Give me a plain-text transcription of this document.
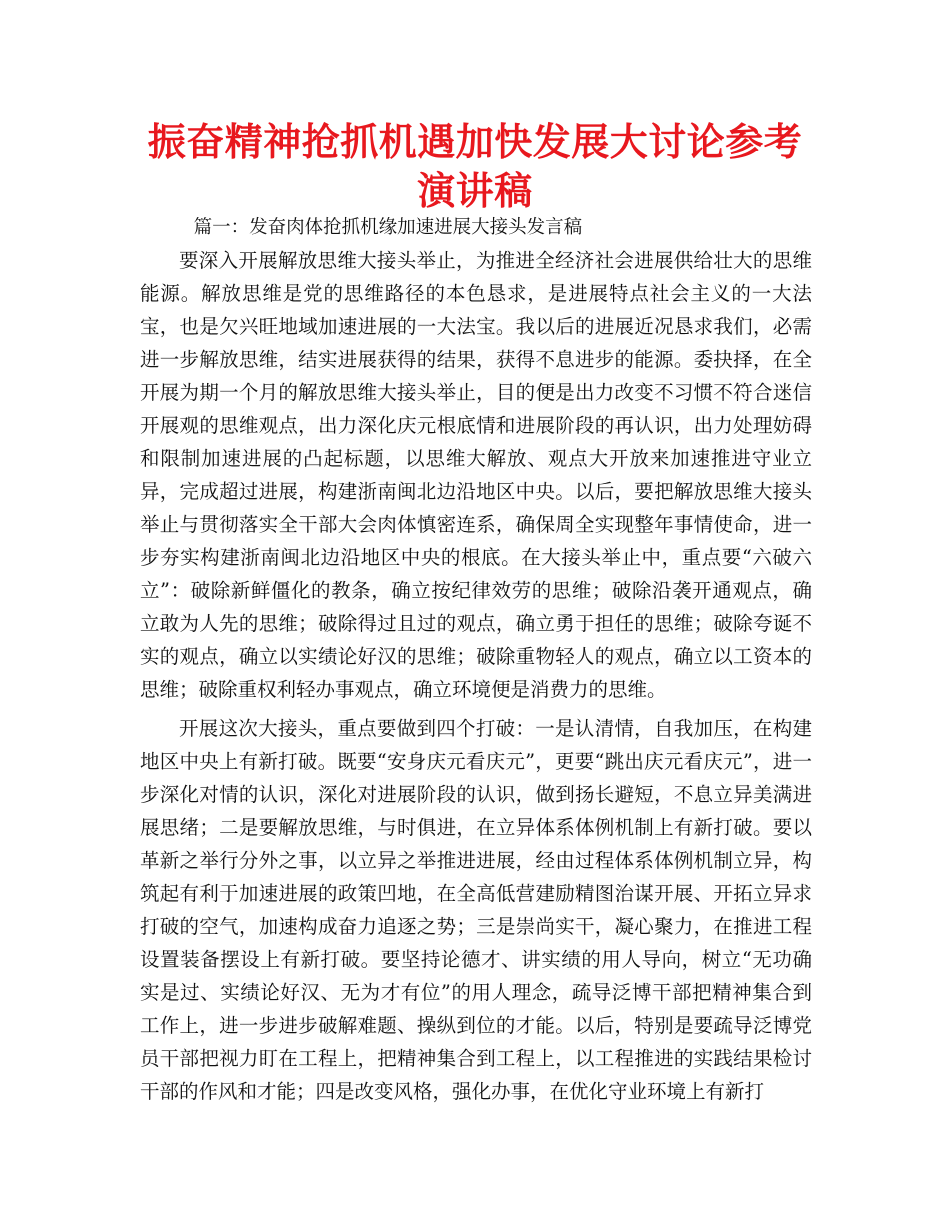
振奋精神抢抓机遇加快发展大讨论参考演讲稿

篇一：发奋肉体抢抓机缘加速进展大接头发言稿

要深入开展解放思维大接头举止，为推进全经济社会进展供给壮大的思维能源。解放思维是党的思维路径的本色恳求，是进展特点社会主义的一大法宝，也是欠兴旺地域加速进展的一大法宝。我以后的进展近况恳求我们，必需进一步解放思维，结实进展获得的结果，获得不息进步的能源。委抉择，在全开展为期一个月的解放思维大接头举止，目的便是出力改变不习惯不符合迷信开展观的思维观点，出力深化庆元根底情和进展阶段的再认识，出力处理妨碍和限制加速进展的凸起标题，以思维大解放、观点大开放来加速推进守业立异，完成超过进展，构建浙南闽北边沿地区中央。以后，要把解放思维大接头举止与贯彻落实全干部大会肉体慎密连系，确保周全实现整年事情使命，进一步夯实构建浙南闽北边沿地区中央的根底。在大接头举止中，重点要“六破六立”：破除新鲜僵化的教条，确立按纪律效劳的思维；破除沿袭开通观点，确立敢为人先的思维；破除得过且过的观点，确立勇于担任的思维；破除夸诞不实的观点，确立以实绩论好汉的思维；破除重物轻人的观点，确立以工资本的思维；破除重权利轻办事观点，确立环境便是消费力的思维。

开展这次大接头，重点要做到四个打破：一是认清情，自我加压，在构建地区中央上有新打破。既要“安身庆元看庆元”，更要“跳出庆元看庆元”，进一步深化对情的认识，深化对进展阶段的认识，做到扬长避短，不息立异美满进展思绪；二是要解放思维，与时俱进，在立异体系体例机制上有新打破。要以革新之举行分外之事，以立异之举推进进展，经由过程体系体例机制立异，构筑起有利于加速进展的政策凹地，在全高低营建励精图治谋开展、开拓立异求打破的空气，加速构成奋力追逐之势；三是崇尚实干，凝心聚力，在推进工程设置装备摆设上有新打破。要坚持论德才、讲实绩的用人导向，树立“无功确实是过、实绩论好汉、无为才有位”的用人理念，疏导泛博干部把精神集合到工作上，进一步进步破解难题、操纵到位的才能。以后，特别是要疏导泛博党员干部把视力盯在工程上，把精神集合到工程上，以工程推进的实践结果检讨干部的作风和才能；四是改变风格，强化办事，在优化守业环境上有新打
